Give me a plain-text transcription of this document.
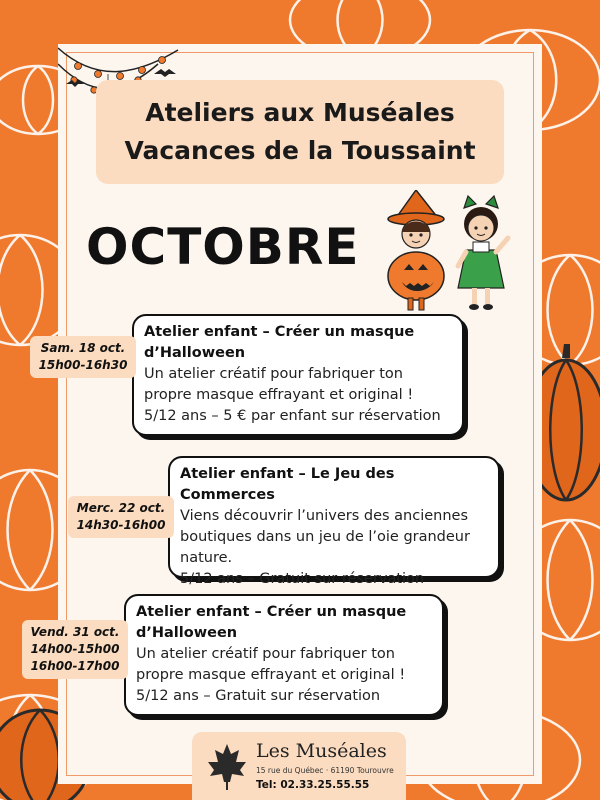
Ateliers aux Muséales
Vacances de la Toussaint
OCTOBRE
Atelier enfant – Créer un masque
d’Halloween
Un atelier créatif pour fabriquer ton
propre masque effrayant et original !
5/12 ans – 5 € par enfant sur réservation
Sam. 18 oct.
15h00-16h30
Atelier enfant – Le Jeu des Commerces
Viens découvrir l’univers des anciennes
boutiques dans un jeu de l’oie grandeur
nature.
5/12 ans – Gratuit sur réservation
Merc. 22 oct.
14h30-16h00
Atelier enfant – Créer un masque
d’Halloween
Un atelier créatif pour fabriquer ton
propre masque effrayant et original !
5/12 ans – Gratuit sur réservation
Vend. 31 oct.
14h00-15h00
16h00-17h00
Les Muséales
15 rue du Québec · 61190 Tourouvre
Tel: 02.33.25.55.55
